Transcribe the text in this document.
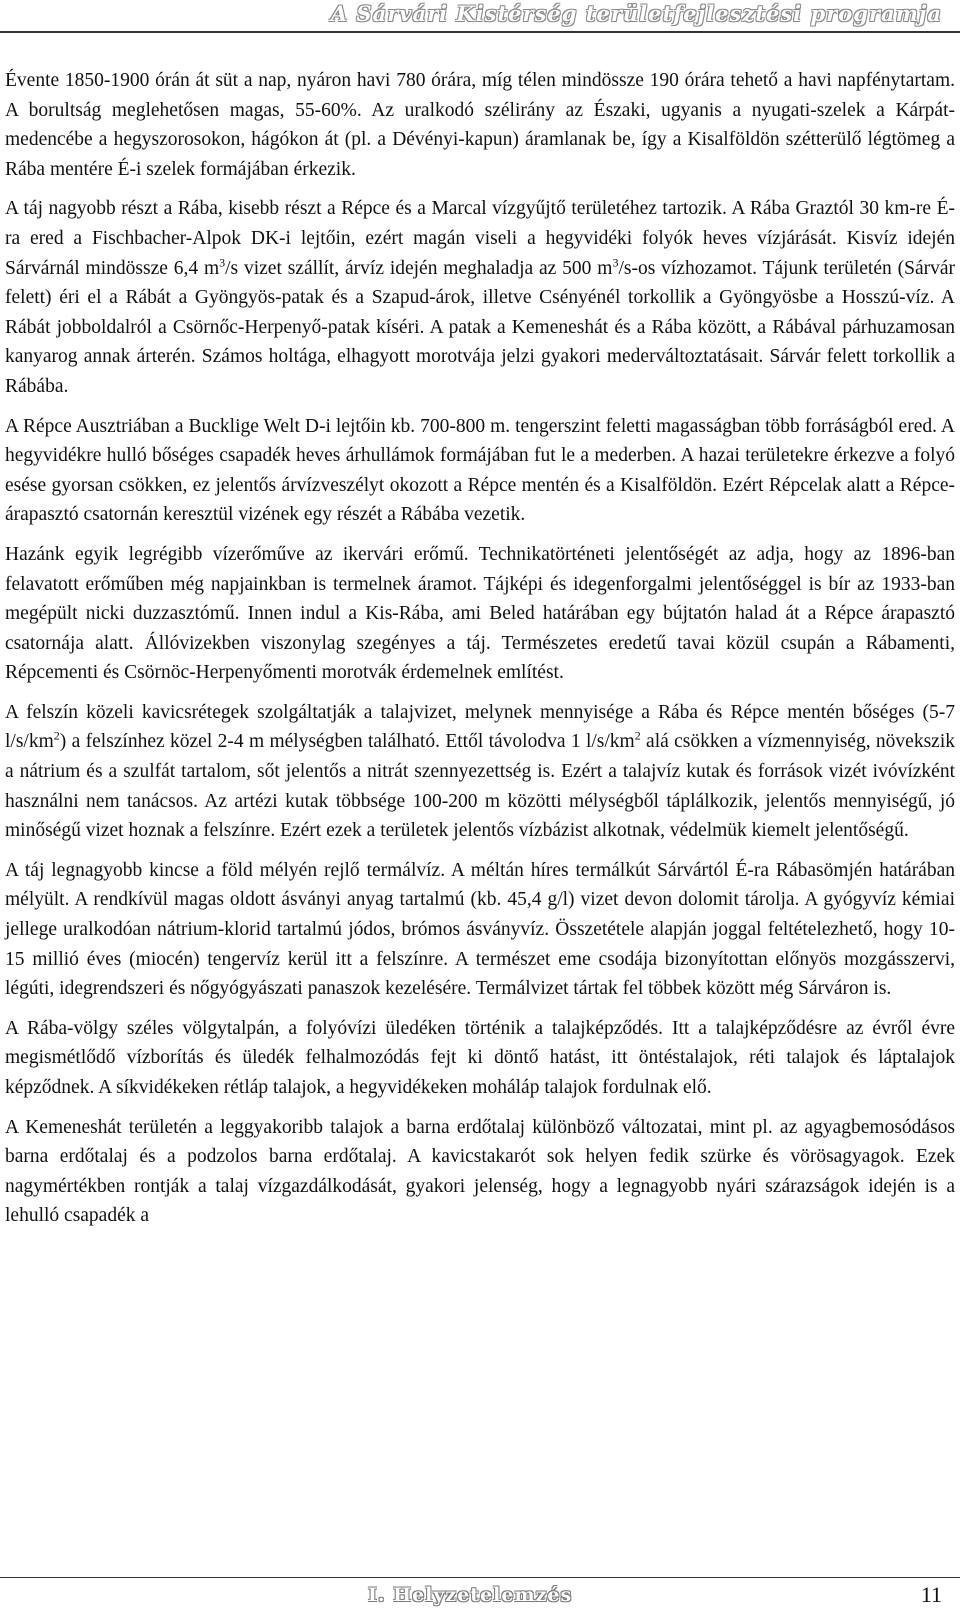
A Sárvári Kistérség területfejlesztési programja

Évente 1850-1900 órán át süt a nap, nyáron havi 780 órára, míg télen mindössze 190 órára tehető a havi napfénytartam. A borultság meglehetősen magas, 55-60%. Az uralkodó szélirány az Északi, ugyanis a nyugati-szelek a Kárpát-medencébe a hegyszorosokon, hágókon át (pl. a Dévényi-kapun) áramlanak be, így a Kisalföldön szétterülő légtömeg a Rába mentére É-i szelek formájában érkezik.

A táj nagyobb részt a Rába, kisebb részt a Répce és a Marcal vízgyűjtő területéhez tartozik. A Rába Graztól 30 km-re É-ra ered a Fischbacher-Alpok DK-i lejtőin, ezért magán viseli a hegyvidéki folyók heves vízjárását. Kisvíz idején Sárvárnál mindössze 6,4 $m^3/s$ vizet szállít, árvíz idején meghaladja az 500 $m^3/s-os$ vízhozamot. Tájunk területén (Sárvár felett) éri el a Rábát a Gyöngyös-patak és a Szapud-árok, illetve Csényénél torkollik a Gyöngyösbe a Hosszú-víz. A Rábát jobboldalról a Csörnőc-Herpenyő-patak kíséri. A patak a Kemeneshát és a Rába között, a Rábával párhuzamosan kanyarog annak árterén. Számos holtága, elhagyott morotvája jelzi gyakori mederváltoztatásait. Sárvár felett torkollik a Rábába.

A Répce Ausztriában a Bucklige Welt D-i lejtőin kb. 700-800 m. tengerszint feletti magasságban több forráságból ered. A hegyvidékre hulló bőséges csapadék heves árhullámok formájában fut le a mederben. A hazai területekre érkezve a folyó esése gyorsan csökken, ez jelentős árvízveszélyt okozott a Répce mentén és a Kisalföldön. Ezért Répcelak alatt a Répce-árapasztó csatornán keresztül vizének egy részét a Rábába vezetik.

Hazánk egyik legrégibb vízerőműve az ikervári erőmű. Technikatörténeti jelentőségét az adja, hogy az 1896-ban felavatott erőműben még napjainkban is termelnek áramot. Tájképi és idegenforgalmi jelentőséggel is bír az 1933-ban megépült nicki duzzasztómű. Innen indul a Kis-Rába, ami Beled határában egy bújtatón halad át a Répce árapasztó csatornája alatt. Állóvizekben viszonylag szegényes a táj. Természetes eredetű tavai közül csupán a Rábamenti, Répcementi és Csörnöc-Herpenyőmenti morotvák érdemelnek említést.

A felszín közeli kavicsrétegek szolgáltatják a talajvizet, melynek mennyisége a Rába és Répce mentén bőséges (5-7 $l/s/km^2$) a felszínhez közel 2-4 m mélységben található. Ettől távolodva 1 $l/s/km^2$ alá csökken a vízmennyiség, növekszik a nátrium és a szulfát tartalom, sőt jelentős a nitrát szennyezettség is. Ezért a talajvíz kutak és források vizét ivóvízként használni nem tanácsos. Az artézi kutak többsége 100-200 m közötti mélységből táplálkozik, jelentős mennyiségű, jó minőségű vizet hoznak a felszínre. Ezért ezek a területek jelentős vízbázist alkotnak, védelmük kiemelt jelentőségű.

A táj legnagyobb kincse a föld mélyén rejlő termálvíz. A méltán híres termálkút Sárvártól É-ra Rábasömjén határában mélyült. A rendkívül magas oldott ásványi anyag tartalmú (kb. 45,4 g/l) vizet devon dolomit tárolja. A gyógyvíz kémiai jellege uralkodóan nátrium-klorid tartalmú jódos, brómos ásványvíz. Összetétele alapján joggal feltételezhető, hogy 10-15 millió éves (miocén) tengervíz kerül itt a felszínre. A természet eme csodája bizonyítottan előnyös mozgásszervi, légúti, idegrendszeri és nőgyógyászati panaszok kezelésére. Termálvizet tártak fel többek között még Sárváron is.

A Rába-völgy széles völgytalpán, a folyóvízi üledéken történik a talajképződés. Itt a talajképződésre az évről évre megismétlődő vízborítás és üledék felhalmozódás fejt ki döntő hatást, itt öntéstalajok, réti talajok és láptalajok képződnek. A síkvidékeken rétláp talajok, a hegyvidékeken moháláp talajok fordulnak elő.

A Kemeneshát területén a leggyakoribb talajok a barna erdőtalaj különböző változatai, mint pl. az agyagbemosódásos barna erdőtalaj és a podzolos barna erdőtalaj. A kavicstakarót sok helyen fedik szürke és vörösagyagok. Ezek nagymértékben rontják a talaj vízgazdálkodását, gyakori jelenség, hogy a legnagyobb nyári szárazságok idején is a lehulló csapadék a

I. Helyzetelemzés	11
